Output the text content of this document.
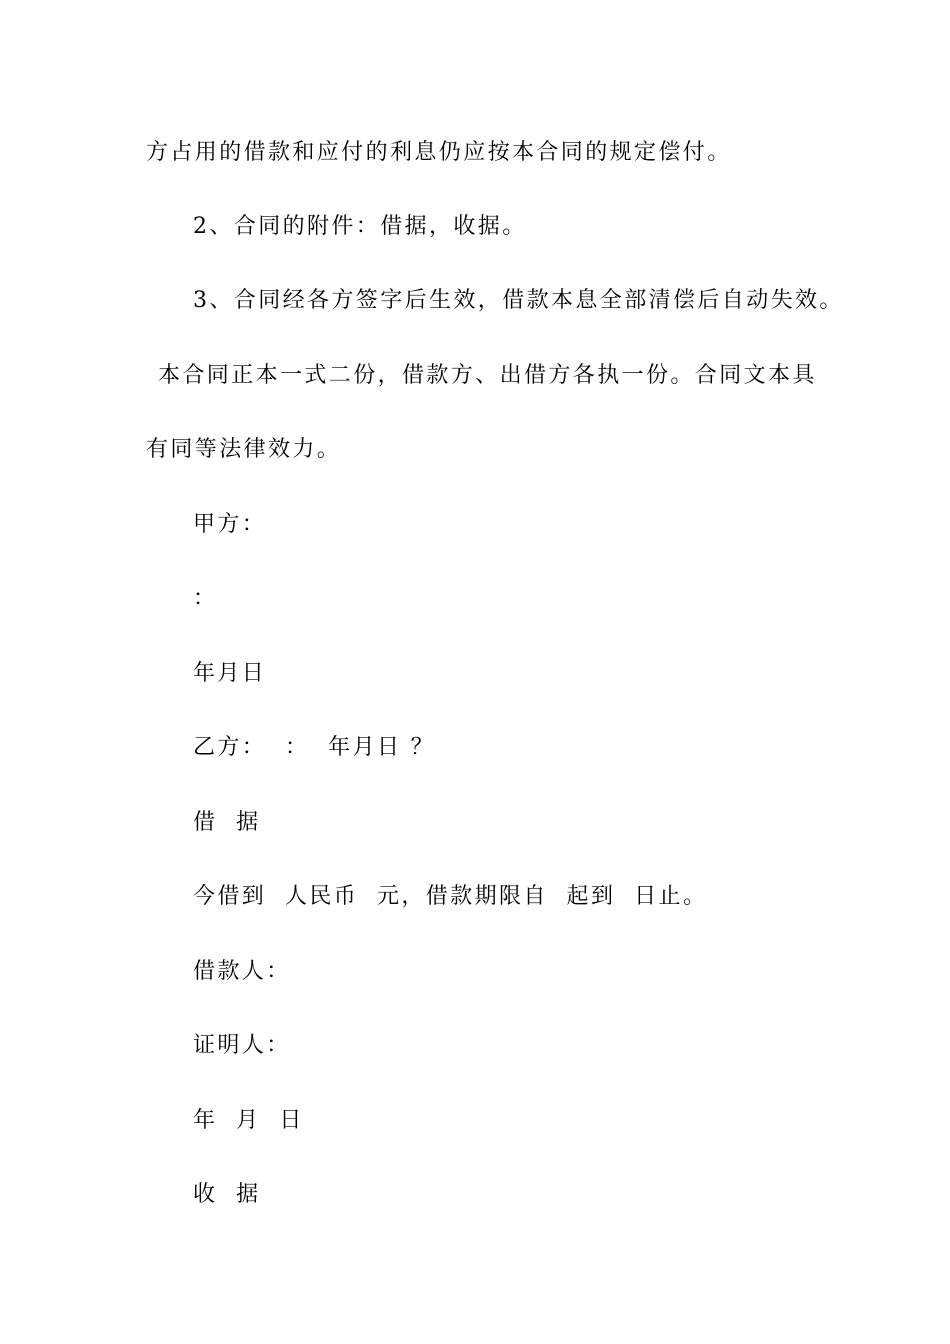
方占用的借款和应付的利息仍应按本合同的规定偿付。
2、合同的附件：借据，收据。
3、合同经各方签字后生效，借款本息全部清偿后自动失效。
本合同正本一式二份，借款方、出借方各执一份。合同文本具
有同等法律效力。
甲方：
：
年月日
乙方：  ：  年月日 ？
借  据
今借到  人民币  元，借款期限自  起到  日止。
借款人：
证明人：
年  月  日
收  据
